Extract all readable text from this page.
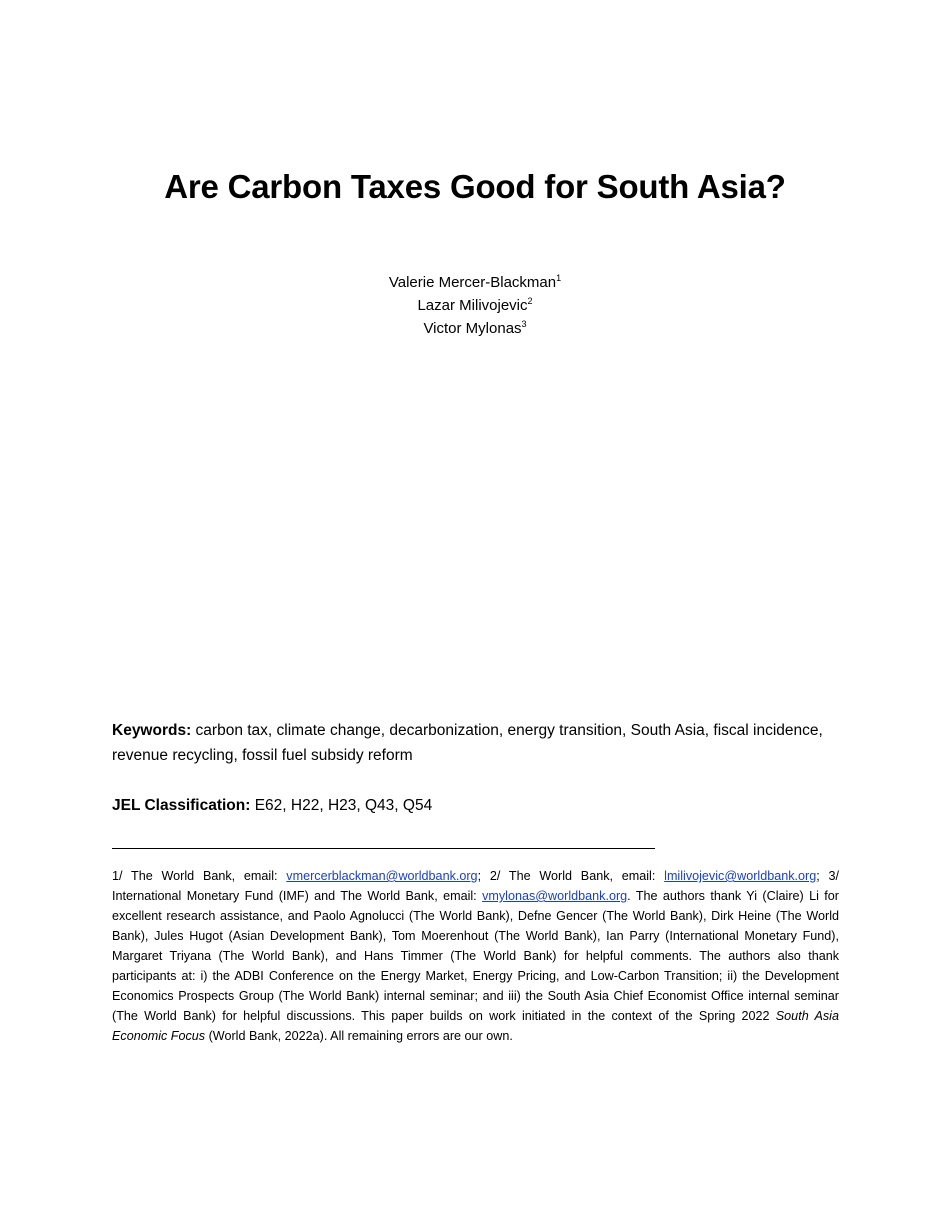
Are Carbon Taxes Good for South Asia?
Valerie Mercer-Blackman$^1$
Lazar Milivojevic$^2$
Victor Mylonas$^3$
Keywords: carbon tax, climate change, decarbonization, energy transition, South Asia, fiscal incidence, revenue recycling, fossil fuel subsidy reform
JEL Classification: E62, H22, H23, Q43, Q54
1/ The World Bank, email: vmercerblackman@worldbank.org; 2/ The World Bank, email: lmilivojevic@worldbank.org; 3/ International Monetary Fund (IMF) and The World Bank, email: vmylonas@worldbank.org. The authors thank Yi (Claire) Li for excellent research assistance, and Paolo Agnolucci (The World Bank), Defne Gencer (The World Bank), Dirk Heine (The World Bank), Jules Hugot (Asian Development Bank), Tom Moerenhout (The World Bank), Ian Parry (International Monetary Fund), Margaret Triyana (The World Bank), and Hans Timmer (The World Bank) for helpful comments. The authors also thank participants at: i) the ADBI Conference on the Energy Market, Energy Pricing, and Low-Carbon Transition; ii) the Development Economics Prospects Group (The World Bank) internal seminar; and iii) the South Asia Chief Economist Office internal seminar (The World Bank) for helpful discussions. This paper builds on work initiated in the context of the Spring 2022 South Asia Economic Focus (World Bank, 2022a). All remaining errors are our own.
